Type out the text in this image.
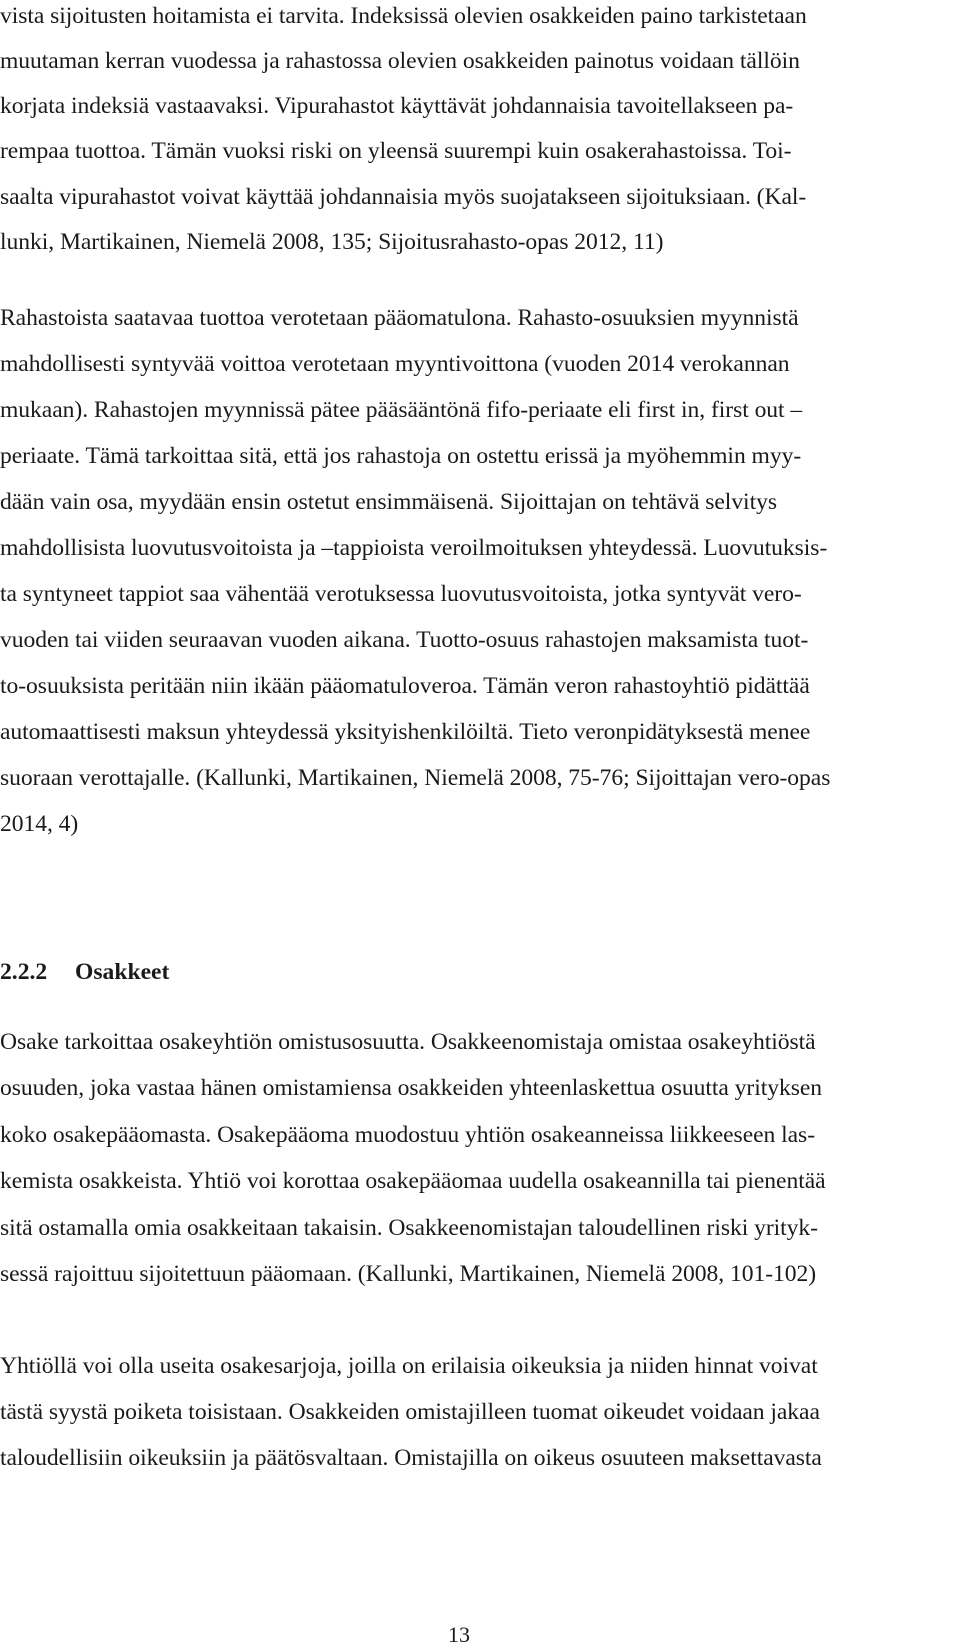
vista sijoitusten hoitamista ei tarvita. Indeksissä olevien osakkeiden paino tarkistetaan

muutaman kerran vuodessa ja rahastossa olevien osakkeiden painotus voidaan tällöin

korjata indeksiä vastaavaksi. Vipurahastot käyttävät johdannaisia tavoitellakseen pa-

rempaa tuottoa. Tämän vuoksi riski on yleensä suurempi kuin osakerahastoissa. Toi-

saalta vipurahastot voivat käyttää johdannaisia myös suojatakseen sijoituksiaan. (Kal-

lunki, Martikainen, Niemelä 2008, 135; Sijoitusrahasto-opas 2012, 11)

Rahastoista saatavaa tuottoa verotetaan pääomatulona. Rahasto-osuuksien myynnistä

mahdollisesti syntyvää voittoa verotetaan myyntivoittona (vuoden 2014 verokannan

mukaan). Rahastojen myynnissä pätee pääsääntönä fifo-periaate eli first in, first out –

periaate. Tämä tarkoittaa sitä, että jos rahastoja on ostettu erissä ja myöhemmin myy-

dään vain osa, myydään ensin ostetut ensimmäisenä. Sijoittajan on tehtävä selvitys

mahdollisista luovutusvoitoista ja –tappioista veroilmoituksen yhteydessä. Luovutuksis-

ta syntyneet tappiot saa vähentää verotuksessa luovutusvoitoista, jotka syntyvät vero-

vuoden tai viiden seuraavan vuoden aikana. Tuotto-osuus rahastojen maksamista tuot-

to-osuuksista peritään niin ikään pääomatuloveroa. Tämän veron rahastoyhtiö pidättää

automaattisesti maksun yhteydessä yksityishenkilöiltä. Tieto veronpidätyksestä menee

suoraan verottajalle. (Kallunki, Martikainen, Niemelä 2008, 75-76; Sijoittajan vero-opas

2014, 4)

2.2.2 Osakkeet

Osake tarkoittaa osakeyhtiön omistusosuutta. Osakkeenomistaja omistaa osakeyhtiöstä

osuuden, joka vastaa hänen omistamiensa osakkeiden yhteenlaskettua osuutta yrityksen

koko osakepääomasta. Osakepääoma muodostuu yhtiön osakeanneissa liikkeeseen las-

kemista osakkeista. Yhtiö voi korottaa osakepääomaa uudella osakeannilla tai pienentää

sitä ostamalla omia osakkeitaan takaisin. Osakkeenomistajan taloudellinen riski yrityk-

sessä rajoittuu sijoitettuun pääomaan. (Kallunki, Martikainen, Niemelä 2008, 101-102)

Yhtiöllä voi olla useita osakesarjoja, joilla on erilaisia oikeuksia ja niiden hinnat voivat

tästä syystä poiketa toisistaan. Osakkeiden omistajilleen tuomat oikeudet voidaan jakaa

taloudellisiin oikeuksiin ja päätösvaltaan. Omistajilla on oikeus osuuteen maksettavasta

13
